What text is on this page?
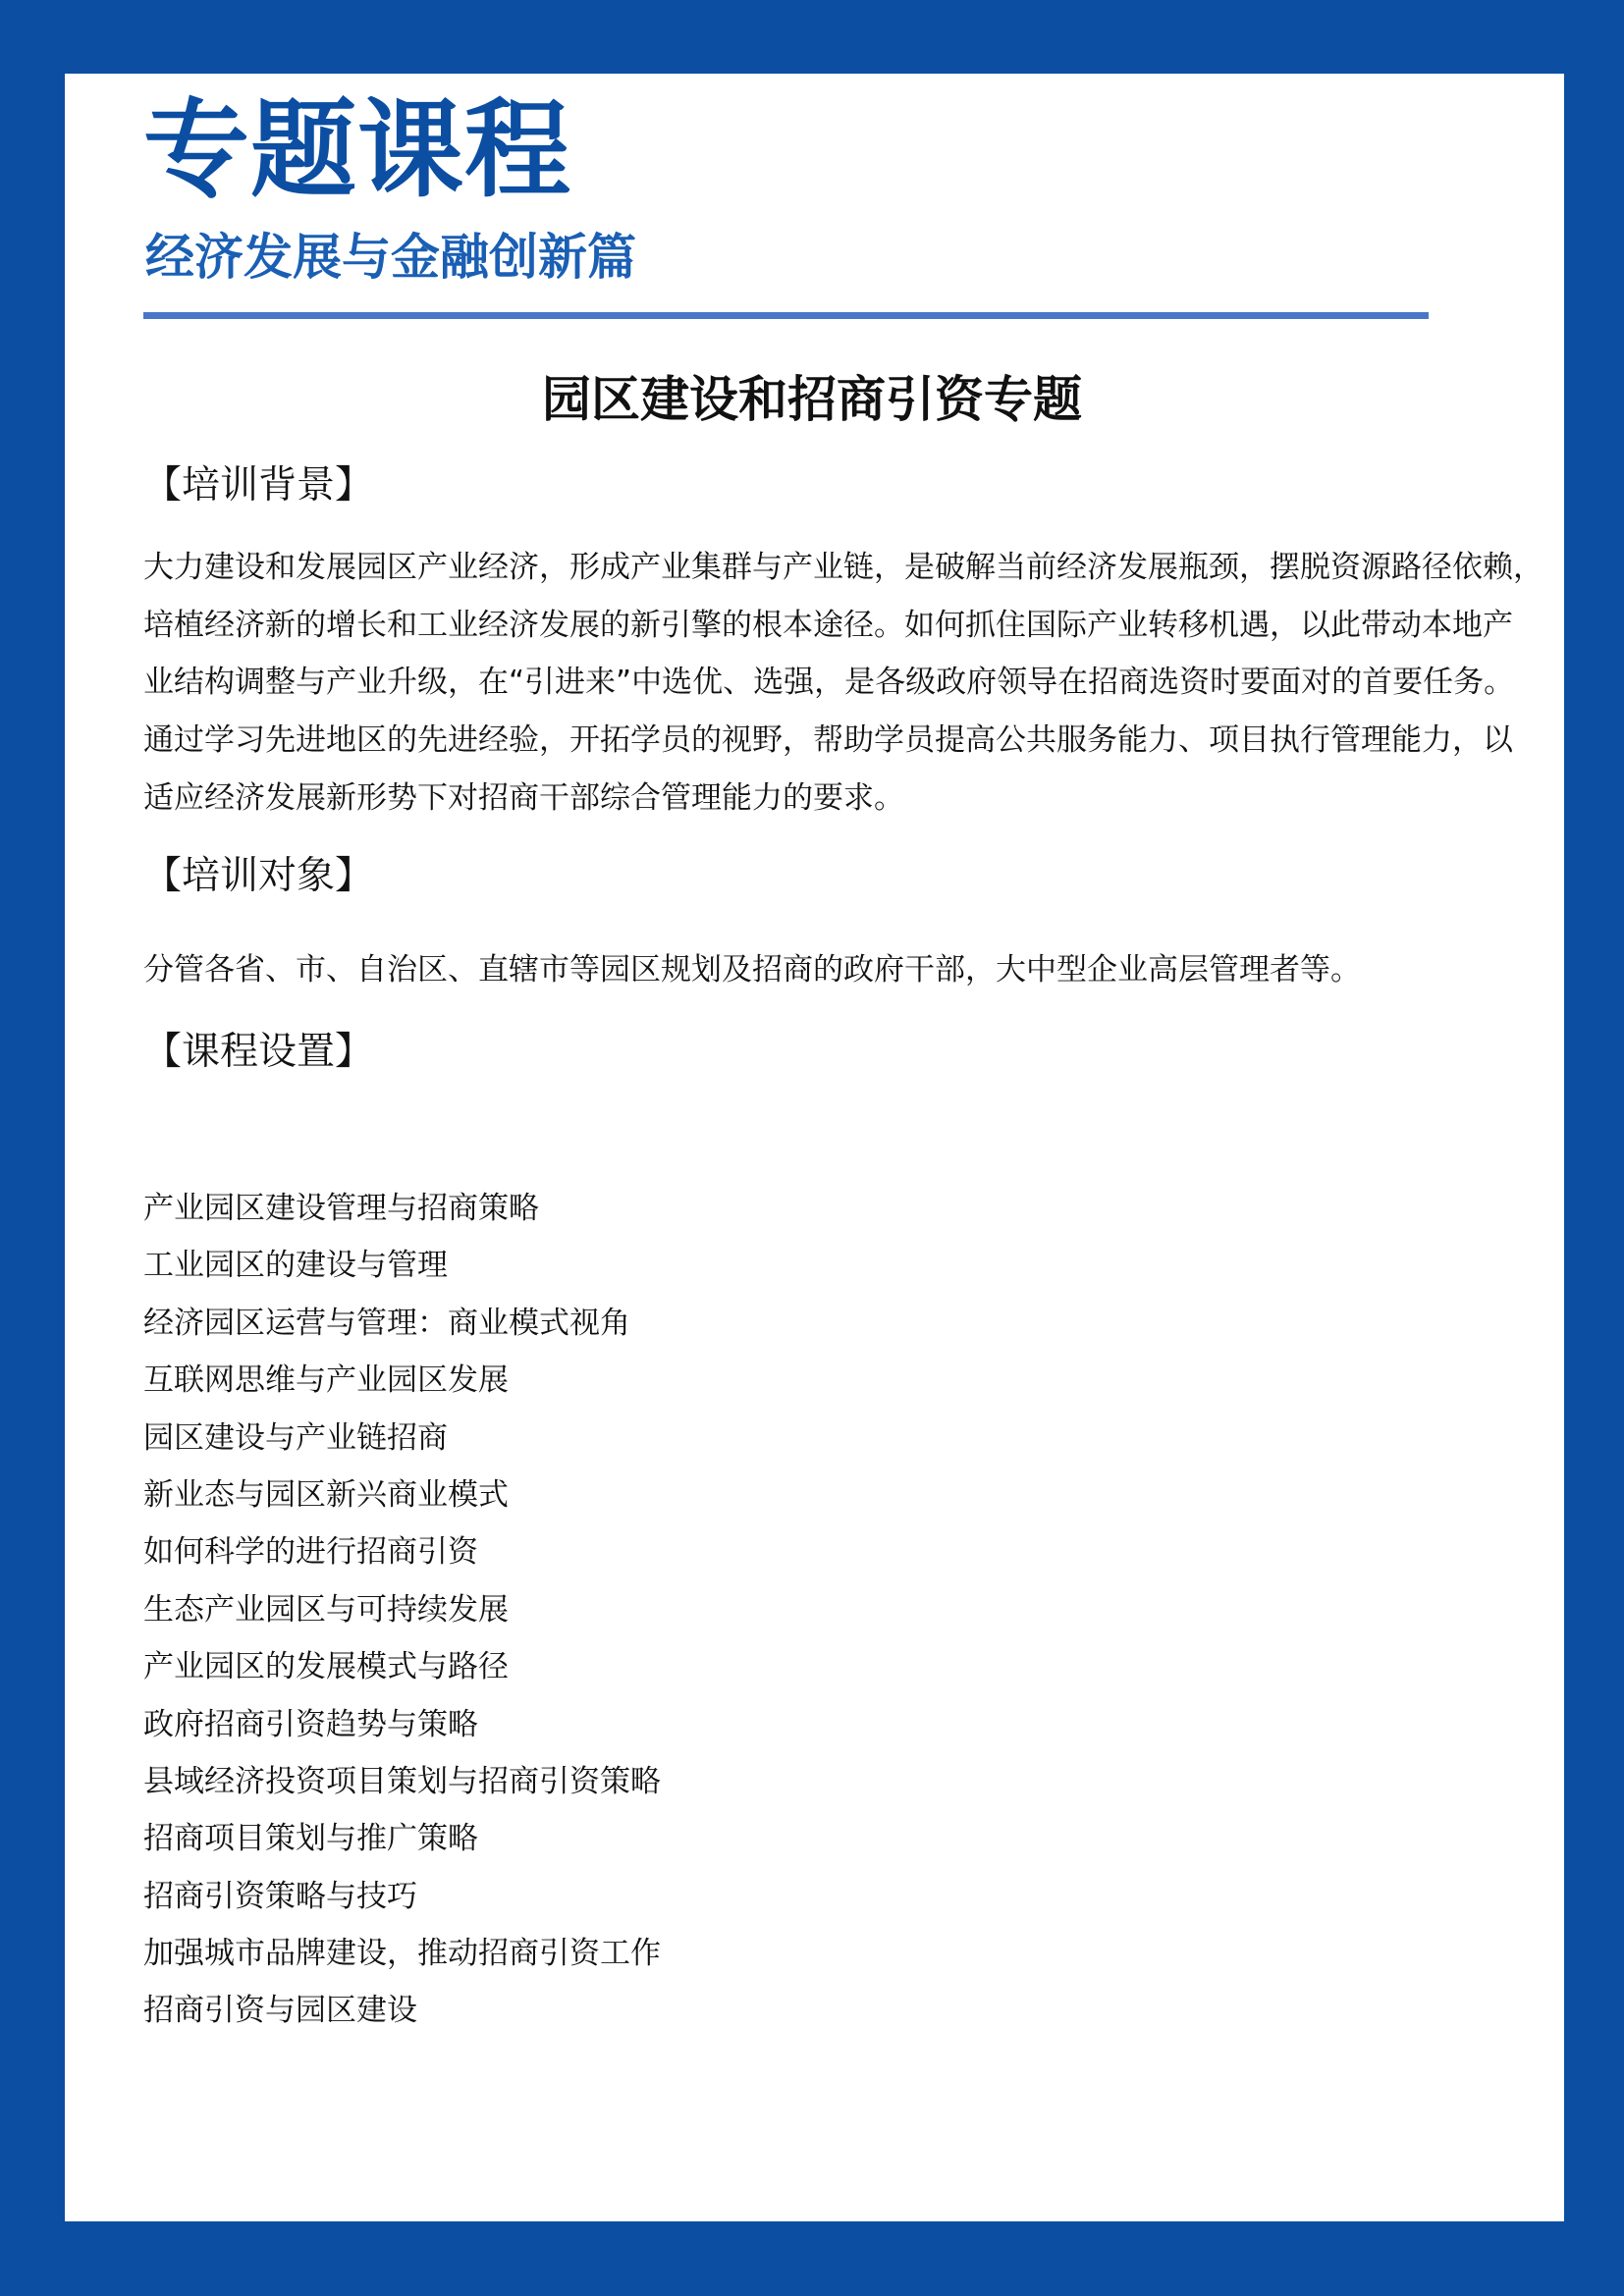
专题课程
经济发展与金融创新篇
园区建设和招商引资专题
【培训背景】
大力建设和发展园区产业经济，形成产业集群与产业链，是破解当前经济发展瓶颈，摆脱资源路径依赖，
培植经济新的增长和工业经济发展的新引擎的根本途径。如何抓住国际产业转移机遇，以此带动本地产
业结构调整与产业升级，在“引进来”中选优、选强，是各级政府领导在招商选资时要面对的首要任务。
通过学习先进地区的先进经验，开拓学员的视野，帮助学员提高公共服务能力、项目执行管理能力，以
适应经济发展新形势下对招商干部综合管理能力的要求。
【培训对象】
分管各省、市、自治区、直辖市等园区规划及招商的政府干部，大中型企业高层管理者等。
【课程设置】
产业园区建设管理与招商策略
工业园区的建设与管理
经济园区运营与管理：商业模式视角
互联网思维与产业园区发展
园区建设与产业链招商
新业态与园区新兴商业模式
如何科学的进行招商引资
生态产业园区与可持续发展
产业园区的发展模式与路径
政府招商引资趋势与策略
县域经济投资项目策划与招商引资策略
招商项目策划与推广策略
招商引资策略与技巧
加强城市品牌建设，推动招商引资工作
招商引资与园区建设
